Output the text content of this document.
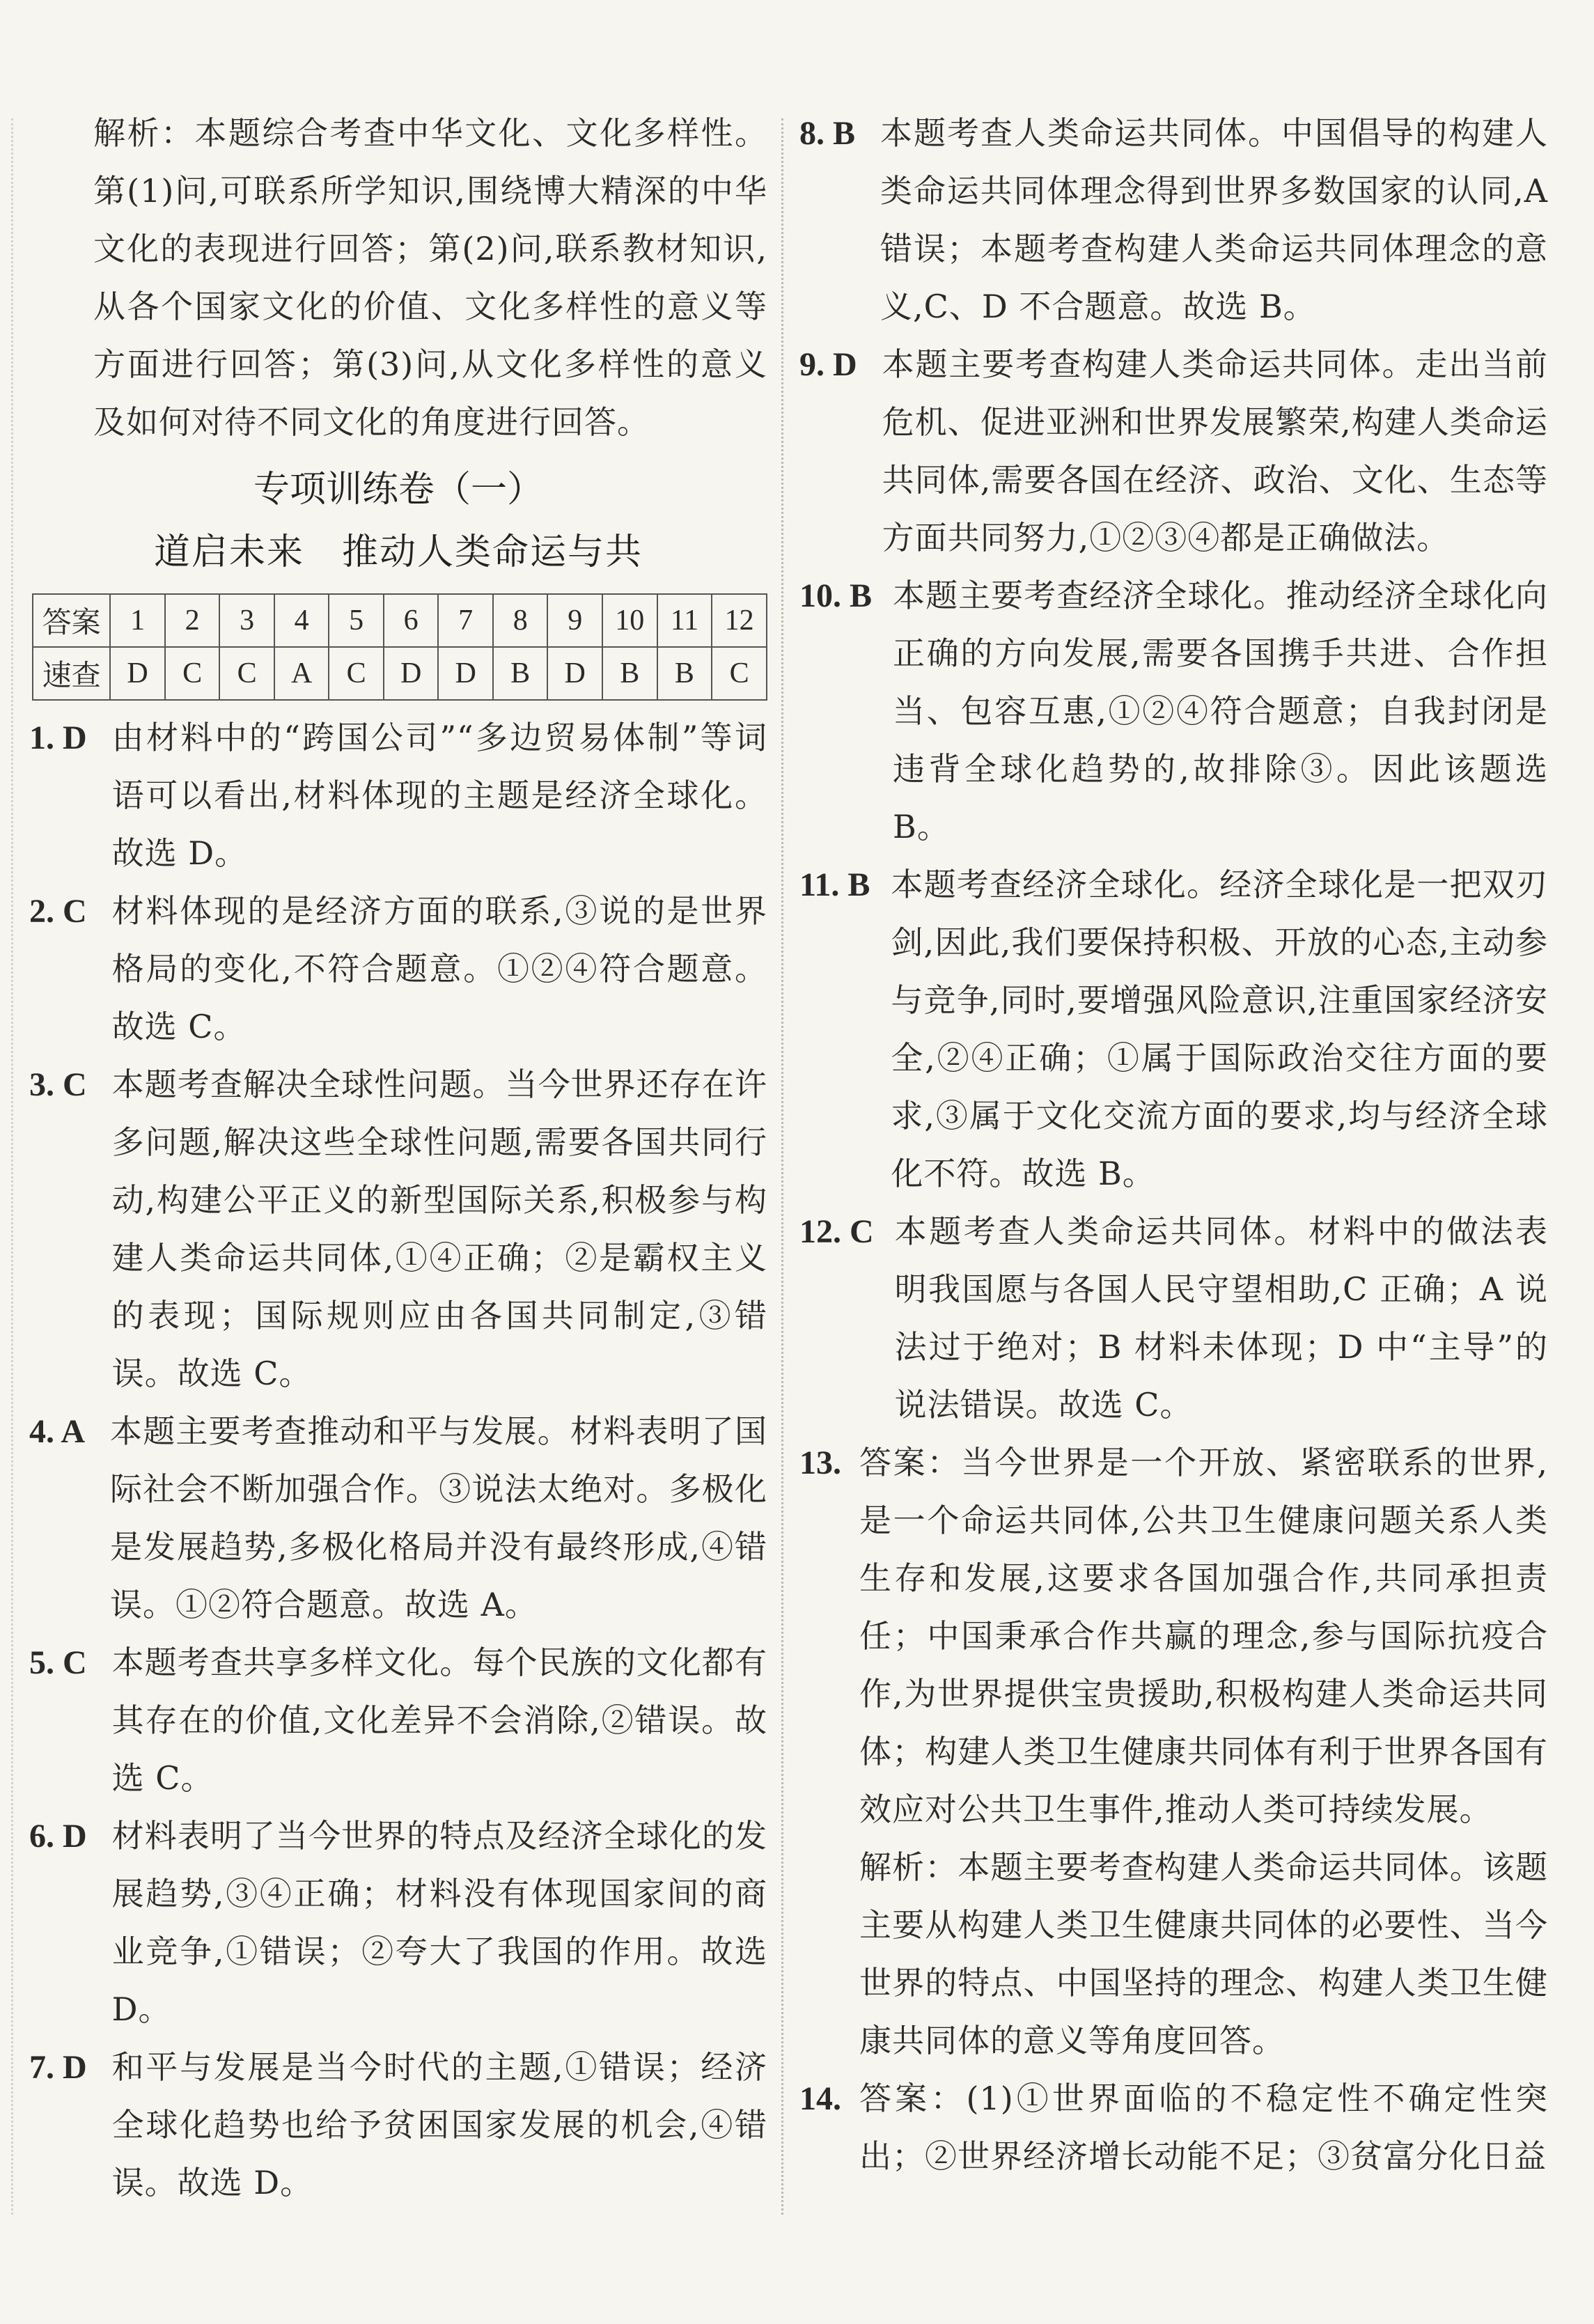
解析：本题综合考查中华文化、文化多样性。第(1)问,可联系所学知识,围绕博大精深的中华文化的表现进行回答；第(2)问,联系教材知识,从各个国家文化的价值、文化多样性的意义等方面进行回答；第(3)问,从文化多样性的意义及如何对待不同文化的角度进行回答。

专项训练卷（一）
道启未来　推动人类命运与共
答案	1	2	3	4	5	6	7	8	9	10	11	12
速查	D	C	C	A	C	D	D	B	D	B	B	C
1. D 由材料中的“跨国公司”“多边贸易体制”等词语可以看出,材料体现的主题是经济全球化。故选 D。

2. C 材料体现的是经济方面的联系,③说的是世界格局的变化,不符合题意。①②④符合题意。故选 C。

3. C 本题考查解决全球性问题。当今世界还存在许多问题,解决这些全球性问题,需要各国共同行动,构建公平正义的新型国际关系,积极参与构建人类命运共同体,①④正确；②是霸权主义的表现；国际规则应由各国共同制定,③错误。故选 C。

4. A 本题主要考查推动和平与发展。材料表明了国际社会不断加强合作。③说法太绝对。多极化是发展趋势,多极化格局并没有最终形成,④错误。①②符合题意。故选 A。

5. C 本题考查共享多样文化。每个民族的文化都有其存在的价值,文化差异不会消除,②错误。故选 C。

6. D 材料表明了当今世界的特点及经济全球化的发展趋势,③④正确；材料没有体现国家间的商业竞争,①错误；②夸大了我国的作用。故选 D。

7. D 和平与发展是当今时代的主题,①错误；经济全球化趋势也给予贫困国家发展的机会,④错误。故选 D。

8. B 本题考查人类命运共同体。中国倡导的构建人类命运共同体理念得到世界多数国家的认同,A 错误；本题考查构建人类命运共同体理念的意义,C、D 不合题意。故选 B。

9. D 本题主要考查构建人类命运共同体。走出当前危机、促进亚洲和世界发展繁荣,构建人类命运共同体,需要各国在经济、政治、文化、生态等方面共同努力,①②③④都是正确做法。

10. B 本题主要考查经济全球化。推动经济全球化向正确的方向发展,需要各国携手共进、合作担当、包容互惠,①②④符合题意；自我封闭是违背全球化趋势的,故排除③。因此该题选 B。

11. B 本题考查经济全球化。经济全球化是一把双刃剑,因此,我们要保持积极、开放的心态,主动参与竞争,同时,要增强风险意识,注重国家经济安全,②④正确；①属于国际政治交往方面的要求,③属于文化交流方面的要求,均与经济全球化不符。故选 B。

12. C 本题考查人类命运共同体。材料中的做法表明我国愿与各国人民守望相助,C 正确；A 说法过于绝对；B 材料未体现；D 中“主导”的说法错误。故选 C。

13. 答案：当今世界是一个开放、紧密联系的世界,是一个命运共同体,公共卫生健康问题关系人类生存和发展,这要求各国加强合作,共同承担责任；中国秉承合作共赢的理念,参与国际抗疫合作,为世界提供宝贵援助,积极构建人类命运共同体；构建人类卫生健康共同体有利于世界各国有效应对公共卫生事件,推动人类可持续发展。

解析：本题主要考查构建人类命运共同体。该题主要从构建人类卫生健康共同体的必要性、当今世界的特点、中国坚持的理念、构建人类卫生健康共同体的意义等角度回答。

14. 答案：(1)①世界面临的不稳定性不确定性突出；②世界经济增长动能不足；③贫富分化日益
